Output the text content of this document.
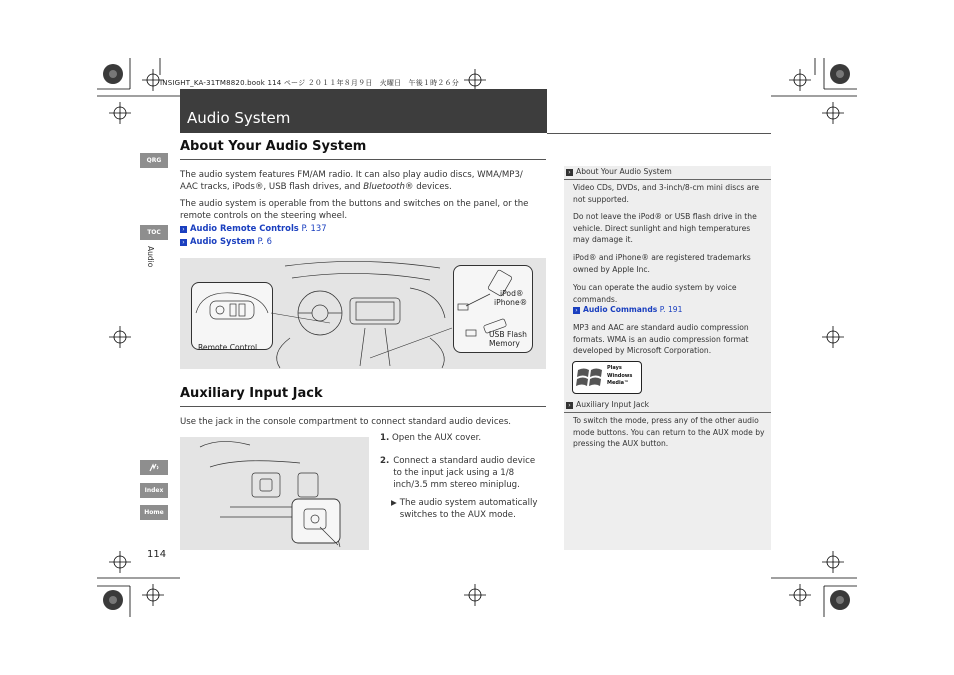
INSIGHT_KA-31TM8820.book 114 ページ ２０１１年８月９日　火曜日　午後１時２６分
Audio System
QRG
TOC
Audio
Index
Home
114
About Your Audio System
The audio system features FM/AM radio. It can also play audio discs, WMA/MP3/ AAC tracks, iPods®, USB flash drives, and Bluetooth® devices.
The audio system is operable from the buttons and switches on the panel, or the remote controls on the steering wheel.
› Audio Remote Controls P. 137
› Audio System P. 6
Remote Control
iPod®
iPhone®
USB Flash
Memory
Auxiliary Input Jack
Use the jack in the console compartment to connect standard audio devices.
1. Open the AUX cover.
2. Connect a standard audio device to the input jack using a 1/8 inch/3.5 mm stereo miniplug.
▶ The audio system automatically switches to the AUX mode.
› About Your Audio System
Video CDs, DVDs, and 3-inch/8-cm mini discs are not supported.
Do not leave the iPod® or USB flash drive in the vehicle. Direct sunlight and high temperatures may damage it.
iPod® and iPhone® are registered trademarks owned by Apple Inc.
You can operate the audio system by voice commands.
› Audio Commands P. 191
MP3 and AAC are standard audio compression formats. WMA is an audio compression format developed by Microsoft Corporation.
Plays
Windows
Media™
› Auxiliary Input Jack
To switch the mode, press any of the other audio mode buttons. You can return to the AUX mode by pressing the AUX button.
